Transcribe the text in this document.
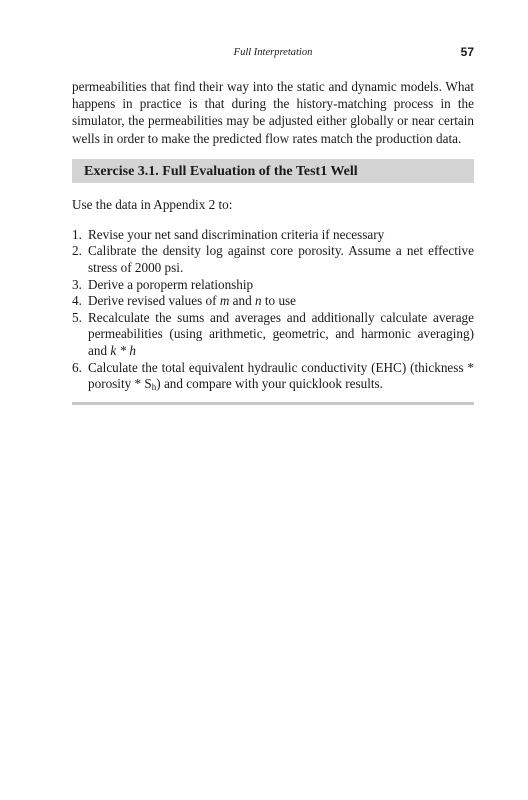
Full Interpretation	57

permeabilities that find their way into the static and dynamic models. What happens in practice is that during the history-matching process in the simulator, the permeabilities may be adjusted either globally or near certain wells in order to make the predicted flow rates match the production data.

Exercise 3.1. Full Evaluation of the Test1 Well

Use the data in Appendix 2 to:

1. Revise your net sand discrimination criteria if necessary
2. Calibrate the density log against core porosity. Assume a net effective stress of 2000 psi.
3. Derive a poroperm relationship
4. Derive revised values of m and n to use
5. Recalculate the sums and averages and additionally calculate average permeabilities (using arithmetic, geometric, and harmonic averaging) and k * h
6. Calculate the total equivalent hydraulic conductivity (EHC) (thickness * porosity * $S_h$) and compare with your quicklook results.
